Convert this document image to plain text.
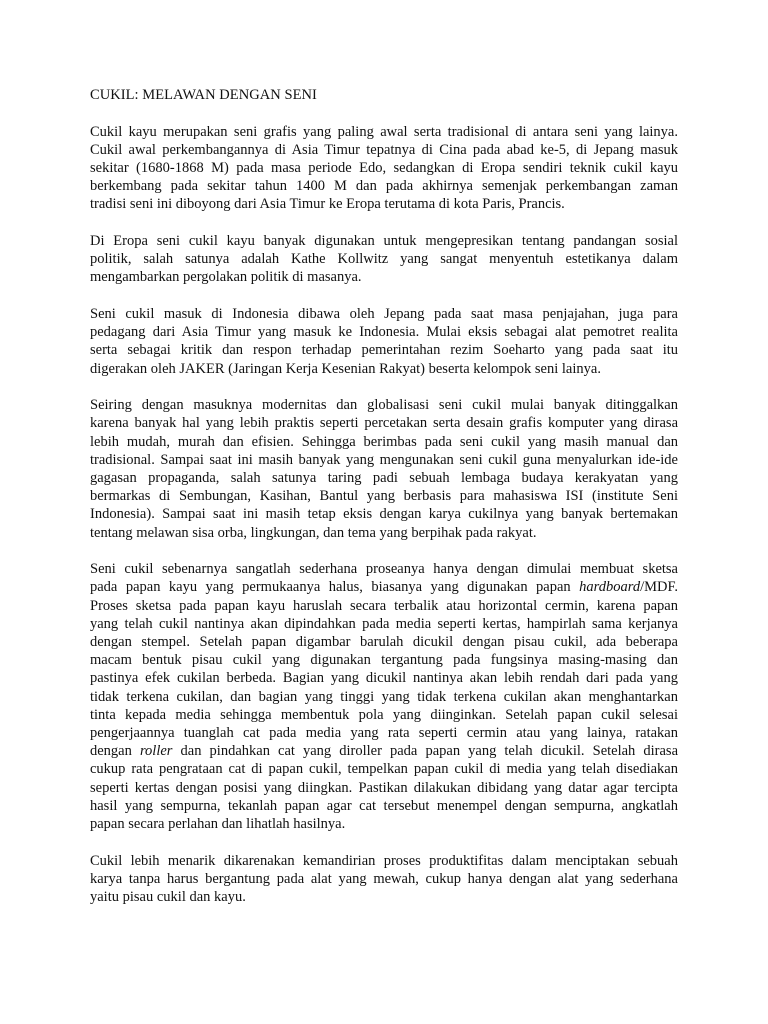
CUKIL: MELAWAN DENGAN SENI
Cukil kayu merupakan seni grafis yang paling awal serta tradisional di antara seni yang lainya.
Cukil awal perkembangannya di Asia Timur tepatnya di Cina pada abad ke-5, di Jepang masuk
sekitar (1680-1868 M) pada masa periode Edo, sedangkan di Eropa sendiri teknik cukil kayu
berkembang pada sekitar tahun 1400 M dan pada akhirnya semenjak perkembangan zaman
tradisi seni ini diboyong dari Asia Timur ke Eropa terutama di kota Paris, Prancis.
Di Eropa seni cukil kayu banyak digunakan untuk mengepresikan tentang pandangan sosial
politik, salah satunya adalah Kathe Kollwitz yang sangat menyentuh estetikanya dalam
mengambarkan pergolakan politik di masanya.
Seni cukil masuk di Indonesia dibawa oleh Jepang pada saat masa penjajahan, juga para
pedagang dari Asia Timur yang masuk ke Indonesia. Mulai eksis sebagai alat pemotret realita
serta sebagai kritik dan respon terhadap pemerintahan rezim Soeharto yang pada saat itu
digerakan oleh JAKER (Jaringan Kerja Kesenian Rakyat) beserta kelompok seni lainya.
Seiring dengan masuknya modernitas dan globalisasi seni cukil mulai banyak ditinggalkan
karena banyak hal yang lebih praktis seperti percetakan serta desain grafis komputer yang dirasa
lebih mudah, murah dan efisien. Sehingga berimbas pada seni cukil yang masih manual dan
tradisional. Sampai saat ini masih banyak yang mengunakan seni cukil guna menyalurkan ide-ide
gagasan propaganda, salah satunya taring padi sebuah lembaga budaya kerakyatan yang
bermarkas di Sembungan, Kasihan, Bantul yang berbasis para mahasiswa ISI (institute Seni
Indonesia). Sampai saat ini masih tetap eksis dengan karya cukilnya yang banyak bertemakan
tentang melawan sisa orba, lingkungan, dan tema yang berpihak pada rakyat.
Seni cukil sebenarnya sangatlah sederhana proseanya hanya dengan dimulai membuat sketsa
pada papan kayu yang permukaanya halus, biasanya yang digunakan papan hardboard/MDF.
Proses sketsa pada papan kayu haruslah secara terbalik atau horizontal cermin, karena papan
yang telah cukil nantinya akan dipindahkan pada media seperti kertas, hampirlah sama kerjanya
dengan stempel. Setelah papan digambar barulah dicukil dengan pisau cukil, ada beberapa
macam bentuk pisau cukil yang digunakan tergantung pada fungsinya masing-masing dan
pastinya efek cukilan berbeda. Bagian yang dicukil nantinya akan lebih rendah dari pada yang
tidak terkena cukilan, dan bagian yang tinggi yang tidak terkena cukilan akan menghantarkan
tinta kepada media sehingga membentuk pola yang diinginkan. Setelah papan cukil selesai
pengerjaannya tuanglah cat pada media yang rata seperti cermin atau yang lainya, ratakan
dengan roller dan pindahkan cat yang diroller pada papan yang telah dicukil. Setelah dirasa
cukup rata pengrataan cat di papan cukil, tempelkan papan cukil di media yang telah disediakan
seperti kertas dengan posisi yang diingkan. Pastikan dilakukan dibidang yang datar agar tercipta
hasil yang sempurna, tekanlah papan agar cat tersebut menempel dengan sempurna, angkatlah
papan secara perlahan dan lihatlah hasilnya.
Cukil lebih menarik dikarenakan kemandirian proses produktifitas dalam menciptakan sebuah
karya tanpa harus bergantung pada alat yang mewah, cukup hanya dengan alat yang sederhana
yaitu pisau cukil dan kayu.
